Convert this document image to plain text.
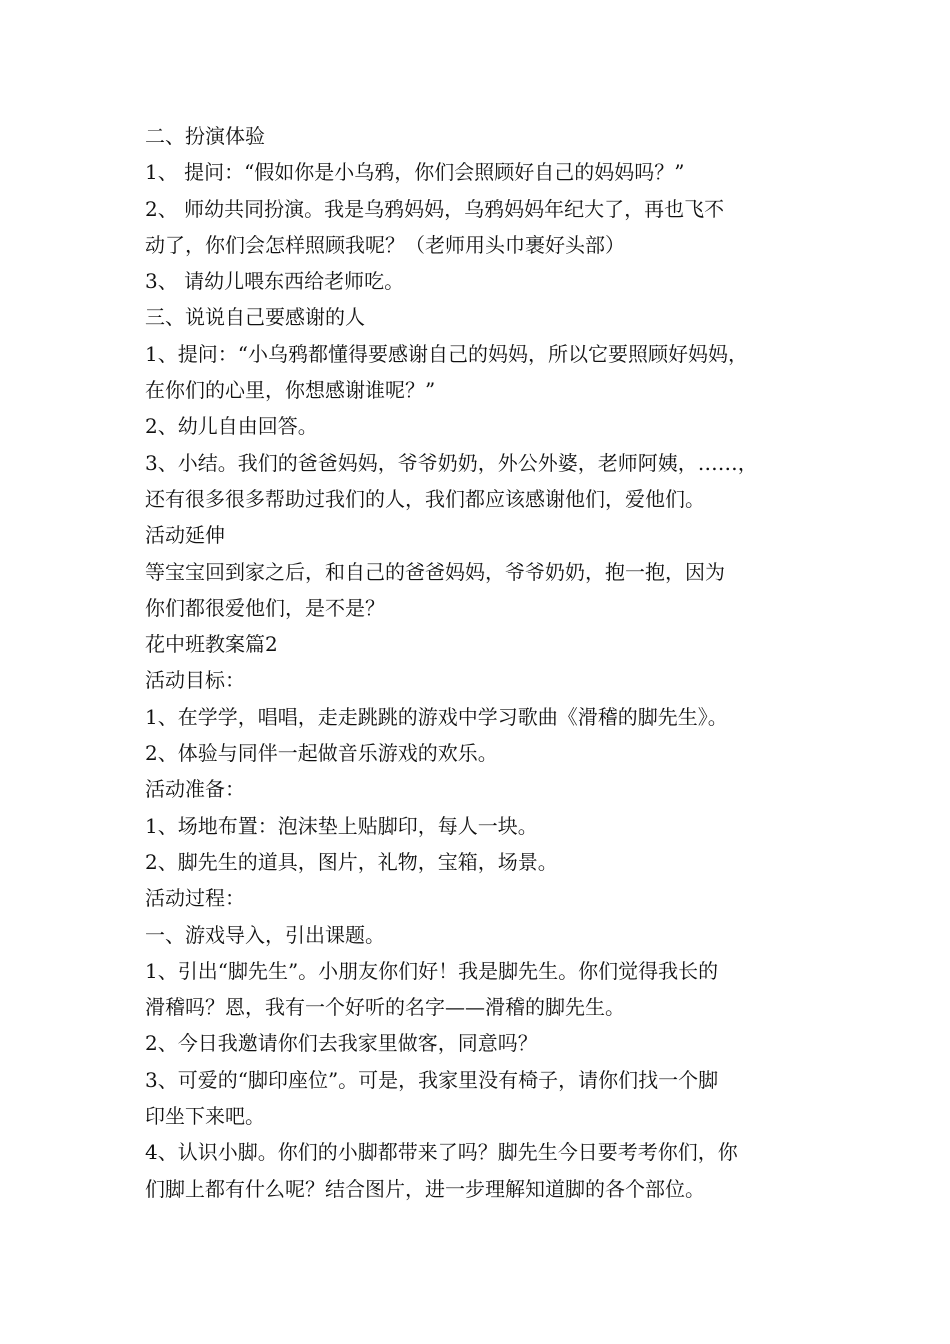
二、扮演体验
1、 提问：“假如你是小乌鸦，你们会照顾好自己的妈妈吗？”
2、 师幼共同扮演。我是乌鸦妈妈，乌鸦妈妈年纪大了，再也飞不
动了，你们会怎样照顾我呢？（老师用头巾裹好头部）
3、 请幼儿喂东西给老师吃。
三、说说自己要感谢的人
1、提问：“小乌鸦都懂得要感谢自己的妈妈，所以它要照顾好妈妈，
在你们的心里，你想感谢谁呢？”
2、幼儿自由回答。
3、小结。我们的爸爸妈妈，爷爷奶奶，外公外婆，老师阿姨，……，
还有很多很多帮助过我们的人，我们都应该感谢他们，爱他们。
活动延伸
等宝宝回到家之后，和自己的爸爸妈妈，爷爷奶奶，抱一抱，因为
你们都很爱他们，是不是？
花中班教案篇2
活动目标：
1、在学学，唱唱，走走跳跳的游戏中学习歌曲《滑稽的脚先生》。
2、体验与同伴一起做音乐游戏的欢乐。
活动准备：
1、场地布置：泡沫垫上贴脚印，每人一块。
2、脚先生的道具，图片，礼物，宝箱，场景。
活动过程：
一、游戏导入，引出课题。
1、引出“脚先生”。小朋友你们好！我是脚先生。你们觉得我长的
滑稽吗？恩，我有一个好听的名字——滑稽的脚先生。
2、今日我邀请你们去我家里做客，同意吗？
3、可爱的“脚印座位”。可是，我家里没有椅子，请你们找一个脚
印坐下来吧。
4、认识小脚。你们的小脚都带来了吗？脚先生今日要考考你们，你
们脚上都有什么呢？结合图片，进一步理解知道脚的各个部位。
